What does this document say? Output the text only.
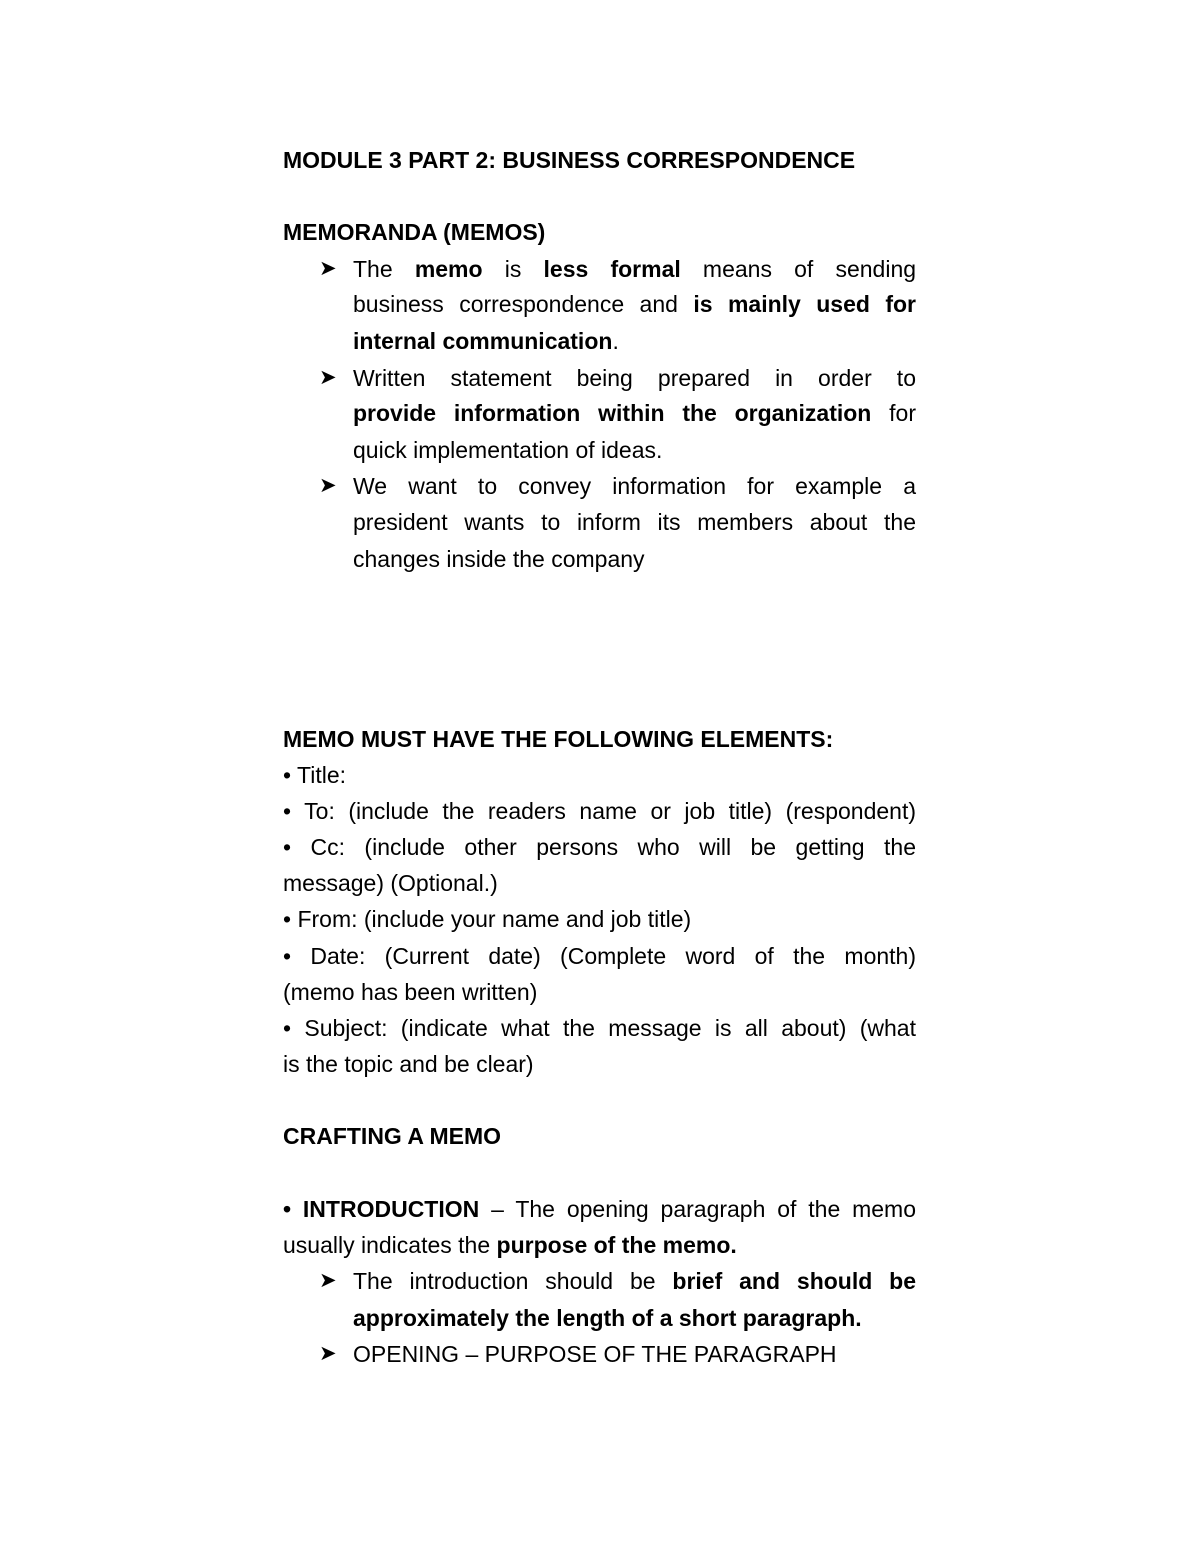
MODULE 3 PART 2: BUSINESS CORRESPONDENCE
MEMORANDA (MEMOS)
➤ The memo is less formal means of sending
business correspondence and is mainly used for
internal communication.
➤ Written statement being prepared in order to
provide information within the organization for
quick implementation of ideas.
➤ We want to convey information for example a
president wants to inform its members about the
changes inside the company
MEMO MUST HAVE THE FOLLOWING ELEMENTS:
• Title:
• To: (include the readers name or job title) (respondent)
• Cc: (include other persons who will be getting the
message) (Optional.)
• From: (include your name and job title)
• Date: (Current date) (Complete word of the month)
(memo has been written)
• Subject: (indicate what the message is all about) (what
is the topic and be clear)
CRAFTING A MEMO
• INTRODUCTION – The opening paragraph of the memo
usually indicates the purpose of the memo.
➤ The introduction should be brief and should be
approximately the length of a short paragraph.
➤ OPENING – PURPOSE OF THE PARAGRAPH
